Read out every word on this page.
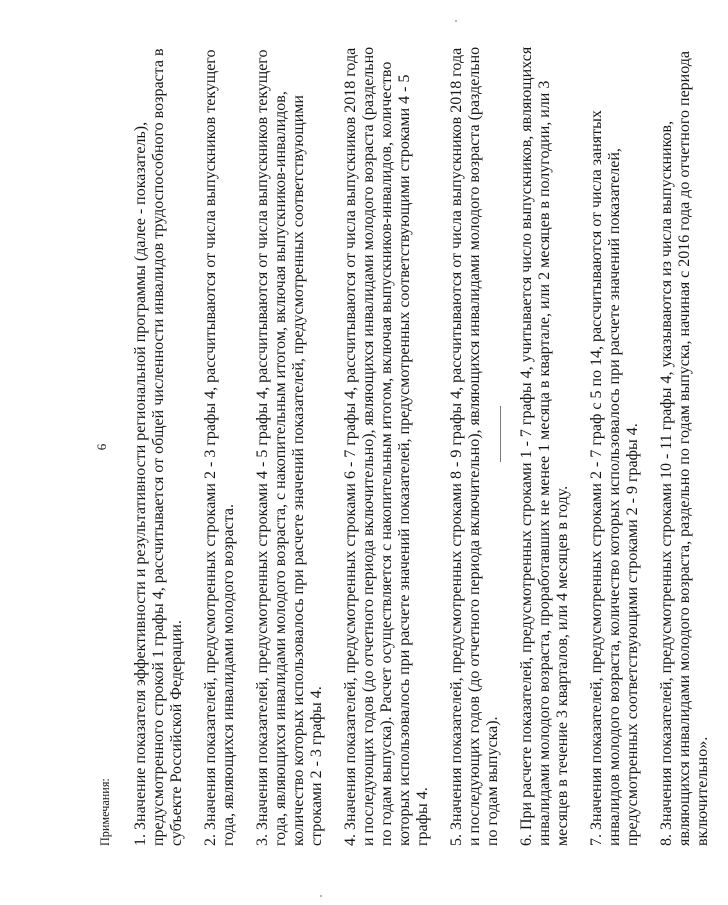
6

Примечания: 1. Значение показателя эффективности и результативности региональной программы (далее - показатель), предусмотренного строкой 1 графы 4, рассчитывается от общей численности инвалидов трудоспособного возраста в субъекте Российской Федерации. 2. Значения показателей, предусмотренных строками 2 - 3 графы 4, рассчитываются от числа выпускников текущего года, являющихся инвалидами молодого возраста. 3. Значения показателей, предусмотренных строками 4 - 5 графы 4, рассчитываются от числа выпускников текущего года, являющихся инвалидами молодого возраста, с накопительным итогом, включая выпускников-инвалидов, количество которых использовалось при расчете значений показателей, предусмотренных соответствующими строками 2 - 3 графы 4. 4. Значения показателей, предусмотренных строками 6 - 7 графы 4, рассчитываются от числа выпускников 2018 года и последующих годов (до отчетного периода включительно), являющихся инвалидами молодого возраста (раздельно по годам выпуска). Расчет осуществляется с накопительным итогом, включая выпускников-инвалидов, количество которых использовалось при расчете значений показателей, предусмотренных соответствующими строками 4 - 5 графы 4. 5. Значения показателей, предусмотренных строками 8 - 9 графы 4, рассчитываются от числа выпускников 2018 года и последующих годов (до отчетного периода включительно), являющихся инвалидами молодого возраста (раздельно по годам выпуска). 6. При расчете показателей, предусмотренных строками 1 - 7 графы 4, учитывается число выпускников, являющихся инвалидами молодого возраста, проработавших не менее 1 месяца в квартале, или 2 месяцев в полугодии, или 3 месяцев в течение 3 кварталов, или 4 месяцев в году. 7. Значения показателей, предусмотренных строками 2 - 7 граф с 5 по 14, рассчитываются от числа занятых инвалидов молодого возраста, количество которых использовалось при расчете значений показателей, предусмотренных соответствующими строками 2 - 9 графы 4. 8. Значения показателей, предусмотренных строками 10 - 11 графы 4, указываются из числа выпускников, являющихся инвалидами молодого возраста, раздельно по годам выпуска, начиная с 2016 года до отчетного периода включительно».
